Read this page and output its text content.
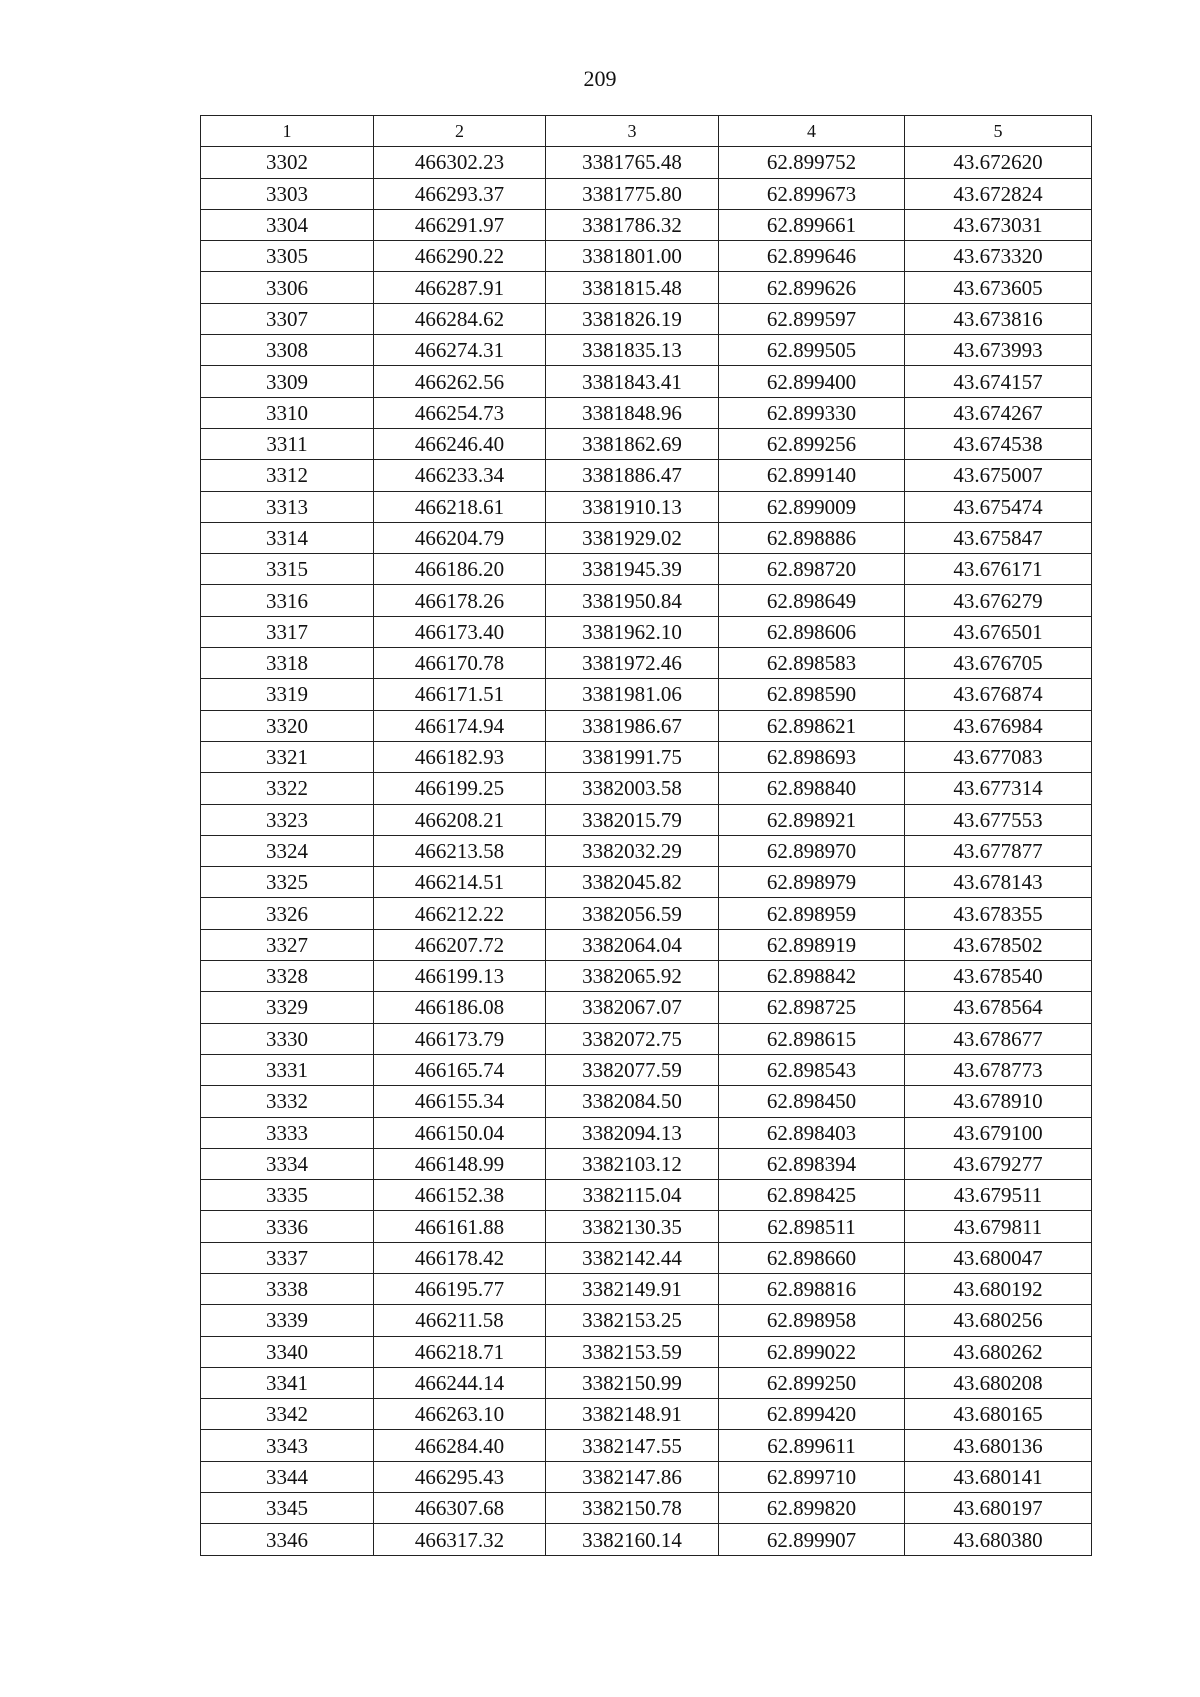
209
1	2	3	4	5
3302	466302.23	3381765.48	62.899752	43.672620
3303	466293.37	3381775.80	62.899673	43.672824
3304	466291.97	3381786.32	62.899661	43.673031
3305	466290.22	3381801.00	62.899646	43.673320
3306	466287.91	3381815.48	62.899626	43.673605
3307	466284.62	3381826.19	62.899597	43.673816
3308	466274.31	3381835.13	62.899505	43.673993
3309	466262.56	3381843.41	62.899400	43.674157
3310	466254.73	3381848.96	62.899330	43.674267
3311	466246.40	3381862.69	62.899256	43.674538
3312	466233.34	3381886.47	62.899140	43.675007
3313	466218.61	3381910.13	62.899009	43.675474
3314	466204.79	3381929.02	62.898886	43.675847
3315	466186.20	3381945.39	62.898720	43.676171
3316	466178.26	3381950.84	62.898649	43.676279
3317	466173.40	3381962.10	62.898606	43.676501
3318	466170.78	3381972.46	62.898583	43.676705
3319	466171.51	3381981.06	62.898590	43.676874
3320	466174.94	3381986.67	62.898621	43.676984
3321	466182.93	3381991.75	62.898693	43.677083
3322	466199.25	3382003.58	62.898840	43.677314
3323	466208.21	3382015.79	62.898921	43.677553
3324	466213.58	3382032.29	62.898970	43.677877
3325	466214.51	3382045.82	62.898979	43.678143
3326	466212.22	3382056.59	62.898959	43.678355
3327	466207.72	3382064.04	62.898919	43.678502
3328	466199.13	3382065.92	62.898842	43.678540
3329	466186.08	3382067.07	62.898725	43.678564
3330	466173.79	3382072.75	62.898615	43.678677
3331	466165.74	3382077.59	62.898543	43.678773
3332	466155.34	3382084.50	62.898450	43.678910
3333	466150.04	3382094.13	62.898403	43.679100
3334	466148.99	3382103.12	62.898394	43.679277
3335	466152.38	3382115.04	62.898425	43.679511
3336	466161.88	3382130.35	62.898511	43.679811
3337	466178.42	3382142.44	62.898660	43.680047
3338	466195.77	3382149.91	62.898816	43.680192
3339	466211.58	3382153.25	62.898958	43.680256
3340	466218.71	3382153.59	62.899022	43.680262
3341	466244.14	3382150.99	62.899250	43.680208
3342	466263.10	3382148.91	62.899420	43.680165
3343	466284.40	3382147.55	62.899611	43.680136
3344	466295.43	3382147.86	62.899710	43.680141
3345	466307.68	3382150.78	62.899820	43.680197
3346	466317.32	3382160.14	62.899907	43.680380
